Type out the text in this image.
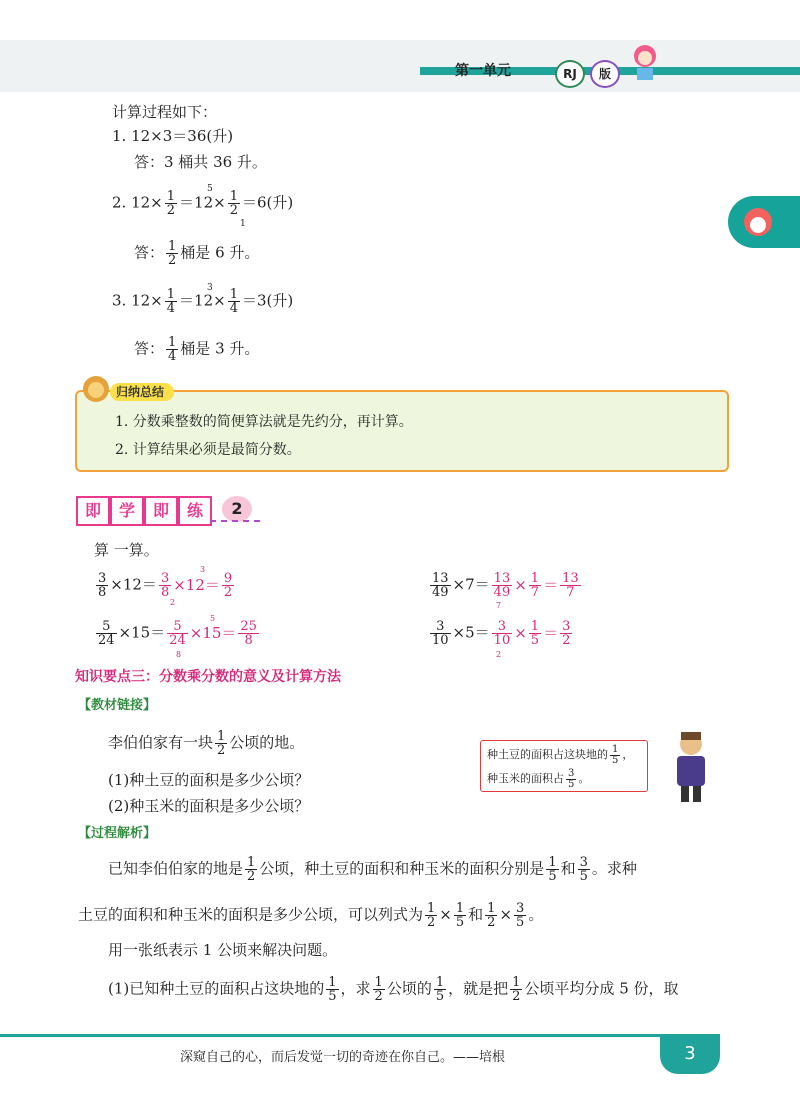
第一单元	RJ	版
计算过程如下：
1. 12×3＝36(升)
答：3 桶共 36 升。
2. $12\times \frac{1}{2} =12\times \frac{1}{2} =6$(升)
5
1
答： $\frac{1}{2}$ 桶是 6 升。
3. $12\times \frac{1}{4} =12\times \frac{1}{4} =3$(升)
3
答： $\frac{1}{4}$ 桶是 3 升。
归纳总结
1. 分数乘整数的简便算法就是先约分，再计算。
2. 计算结果必须是最简分数。
即	学	即	练	2
算 一算。
$\frac{3}{8} \times 12= \frac{3}{8} \times 12= \frac{9}{2}$
2
3
$\frac{13}{49} \times 7= \frac{13}{49} \times \frac{1}{7} = \frac{13}{7}$
7
$\frac{5}{24} \times 15= \frac{5}{24} \times 15= \frac{25}{8}$
8
5
$\frac{3}{10} \times 5= \frac{3}{10} \times \frac{1}{5} = \frac{3}{2}$
2
知识要点三：分数乘分数的意义及计算方法
【教材链接】
李伯伯家有一块 $\frac{1}{2}$ 公顷的地。
(1)种土豆的面积是多少公顷？
(2)种玉米的面积是多少公顷？
种土豆的面积占这块地的 $\frac{1}{5}$ ，
种玉米的面积占 $\frac{3}{5}$ 。
【过程解析】
已知李伯伯家的地是 $\frac{1}{2}$ 公顷，种土豆的面积和种玉米的面积分别是 $\frac{1}{5}$ 和 $\frac{3}{5}$ 。求种
土豆的面积和种玉米的面积是多少公顷，可以列式为 $\frac{1}{2} \times \frac{1}{5}$ 和 $\frac{1}{2} \times \frac{3}{5}$ 。
用一张纸表示 1 公顷来解决问题。
(1)已知种土豆的面积占这块地的 $\frac{1}{5}$ ，求 $\frac{1}{2}$ 公顷的 $\frac{1}{5}$ ，就是把 $\frac{1}{2}$ 公顷平均分成 5 份，取
深窥自己的心，而后发觉一切的奇迹在你自己。——培根	3
